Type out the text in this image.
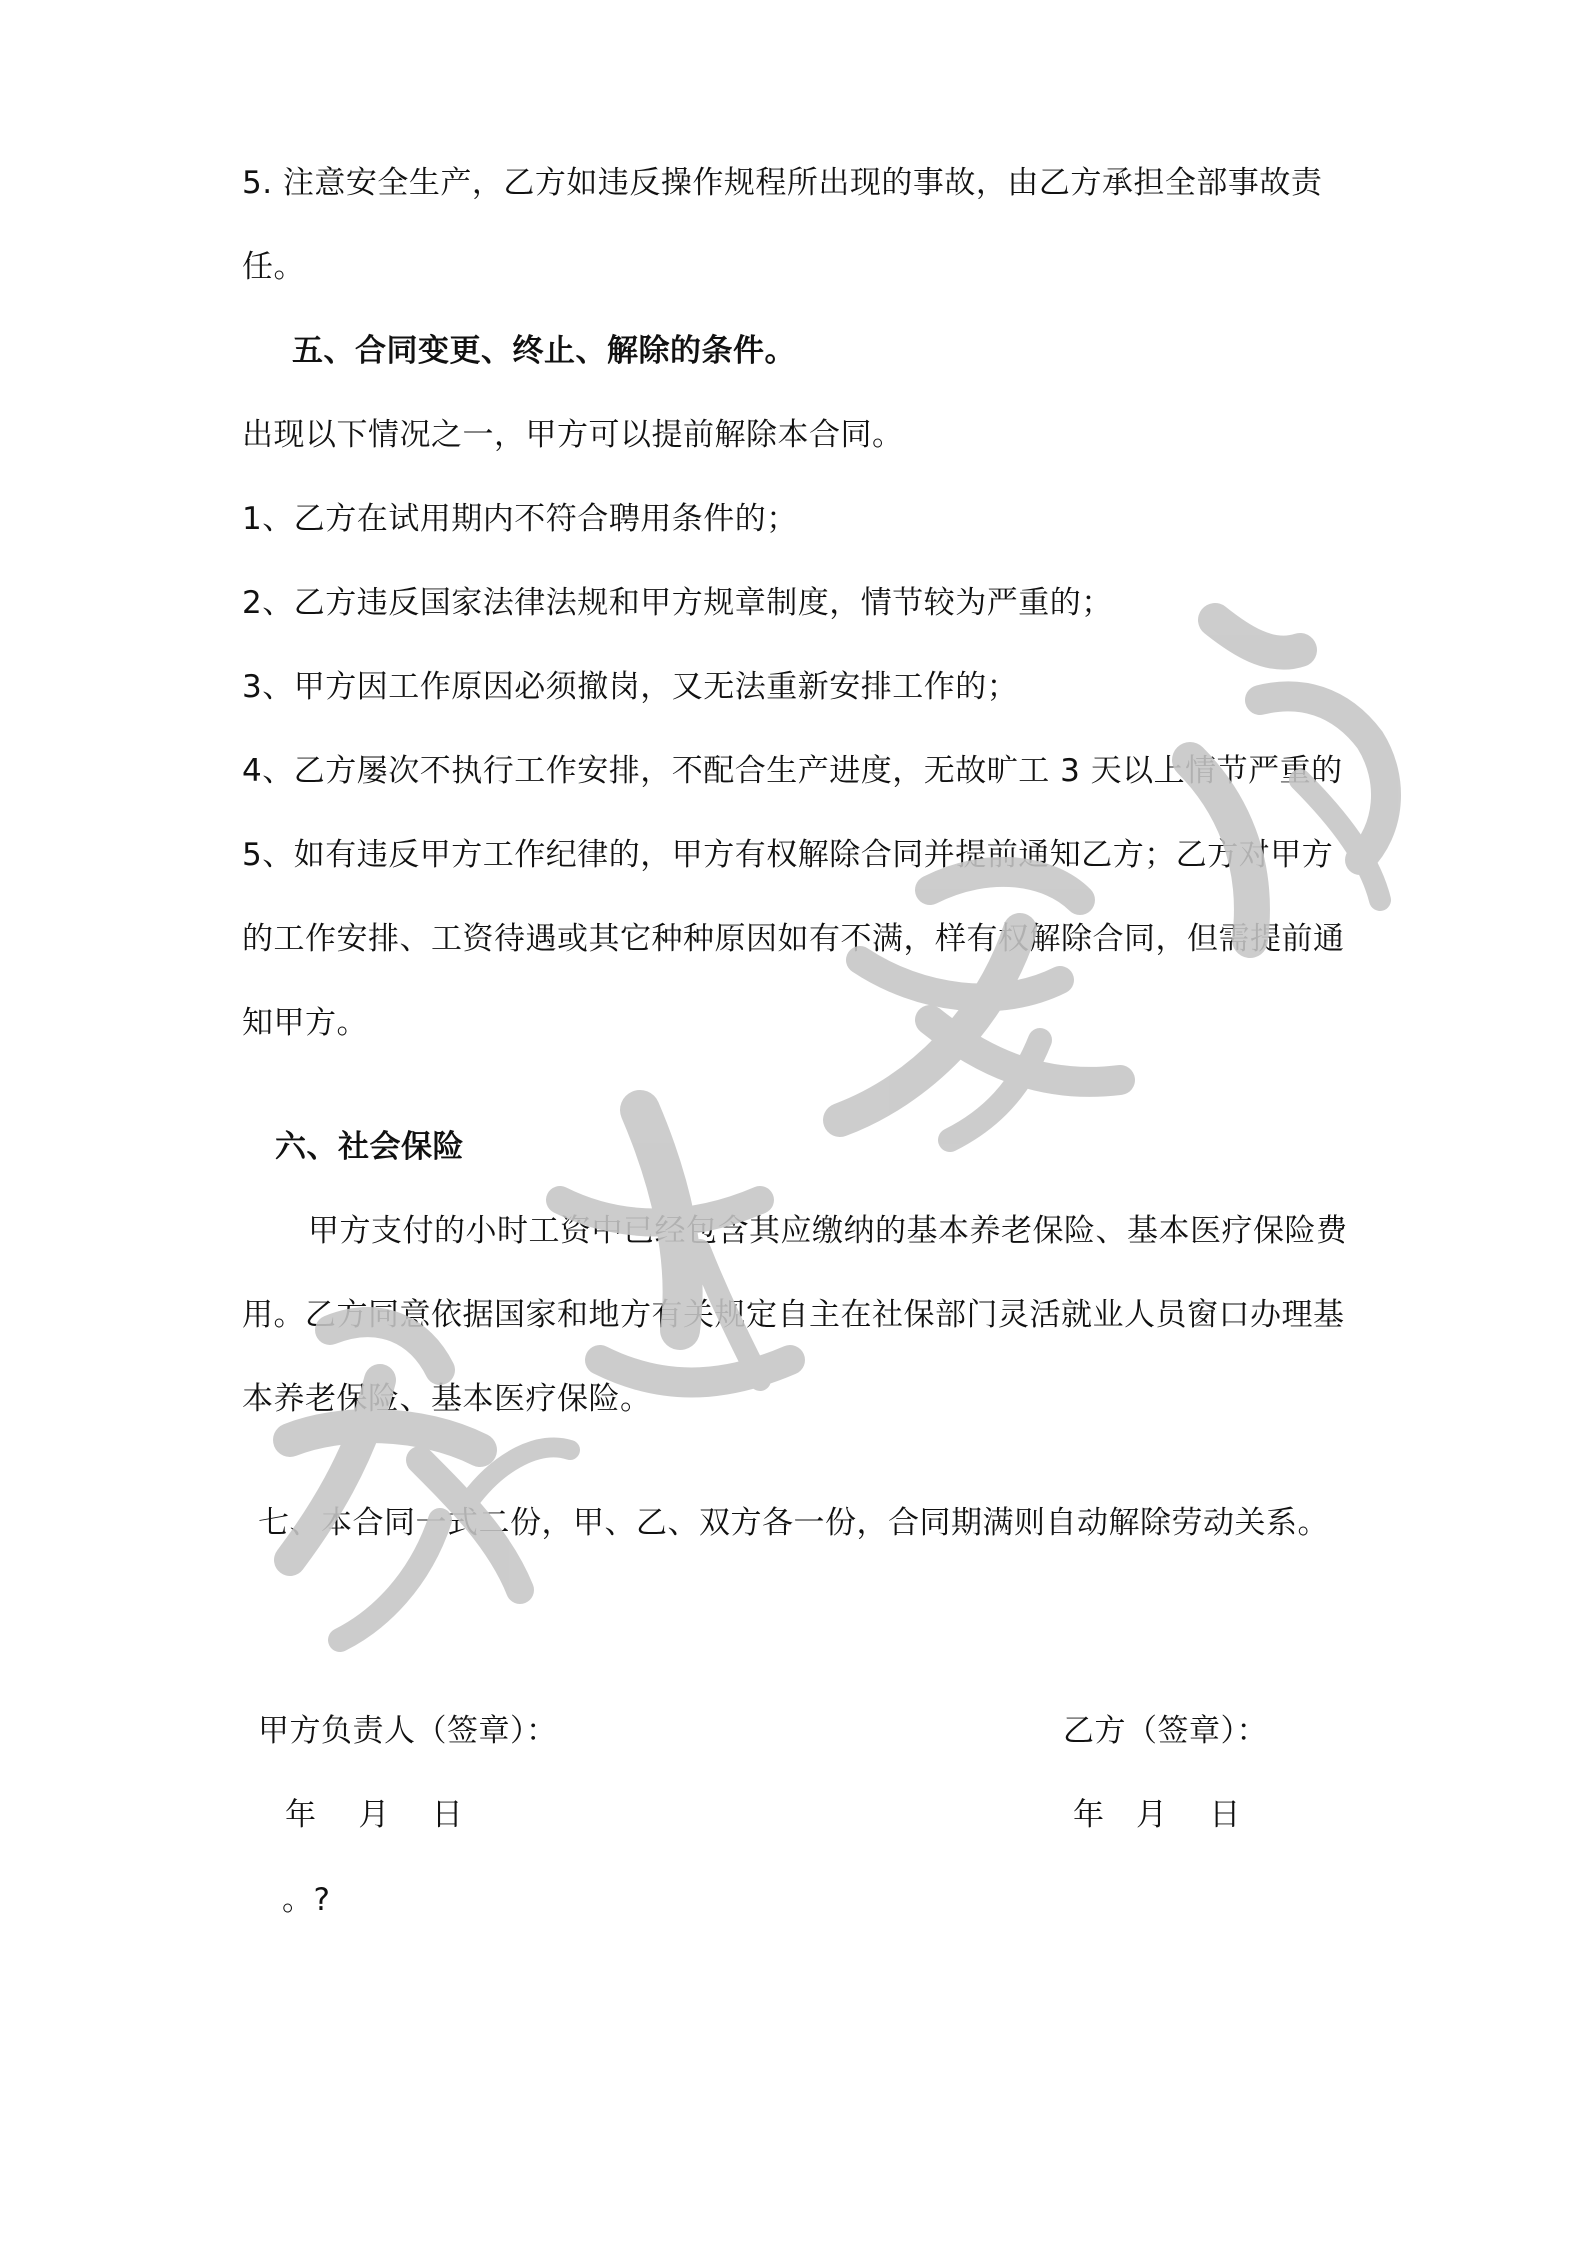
5. 注意安全生产，乙方如违反操作规程所出现的事故，由乙方承担全部事故责
任。
五、合同变更、终止、解除的条件。
出现以下情况之一，甲方可以提前解除本合同。
1、乙方在试用期内不符合聘用条件的；
2、乙方违反国家法律法规和甲方规章制度，情节较为严重的；
3、甲方因工作原因必须撤岗，又无法重新安排工作的；
4、乙方屡次不执行工作安排，不配合生产进度，无故旷工 3 天以上情节严重的
5、如有违反甲方工作纪律的，甲方有权解除合同并提前通知乙方；乙方对甲方
的工作安排、工资待遇或其它种种原因如有不满，样有权解除合同，但需提前通
知甲方。
六、社会保险
甲方支付的小时工资中已经包含其应缴纳的基本养老保险、基本医疗保险费
用。乙方同意依据国家和地方有关规定自主在社保部门灵活就业人员窗口办理基
本养老保险、基本医疗保险。
七、本合同一式二份，甲、乙、双方各一份，合同期满则自动解除劳动关系。
甲方负责人（签章）：	乙方（签章）：
年　 月　 日	年　月　 日
。?
